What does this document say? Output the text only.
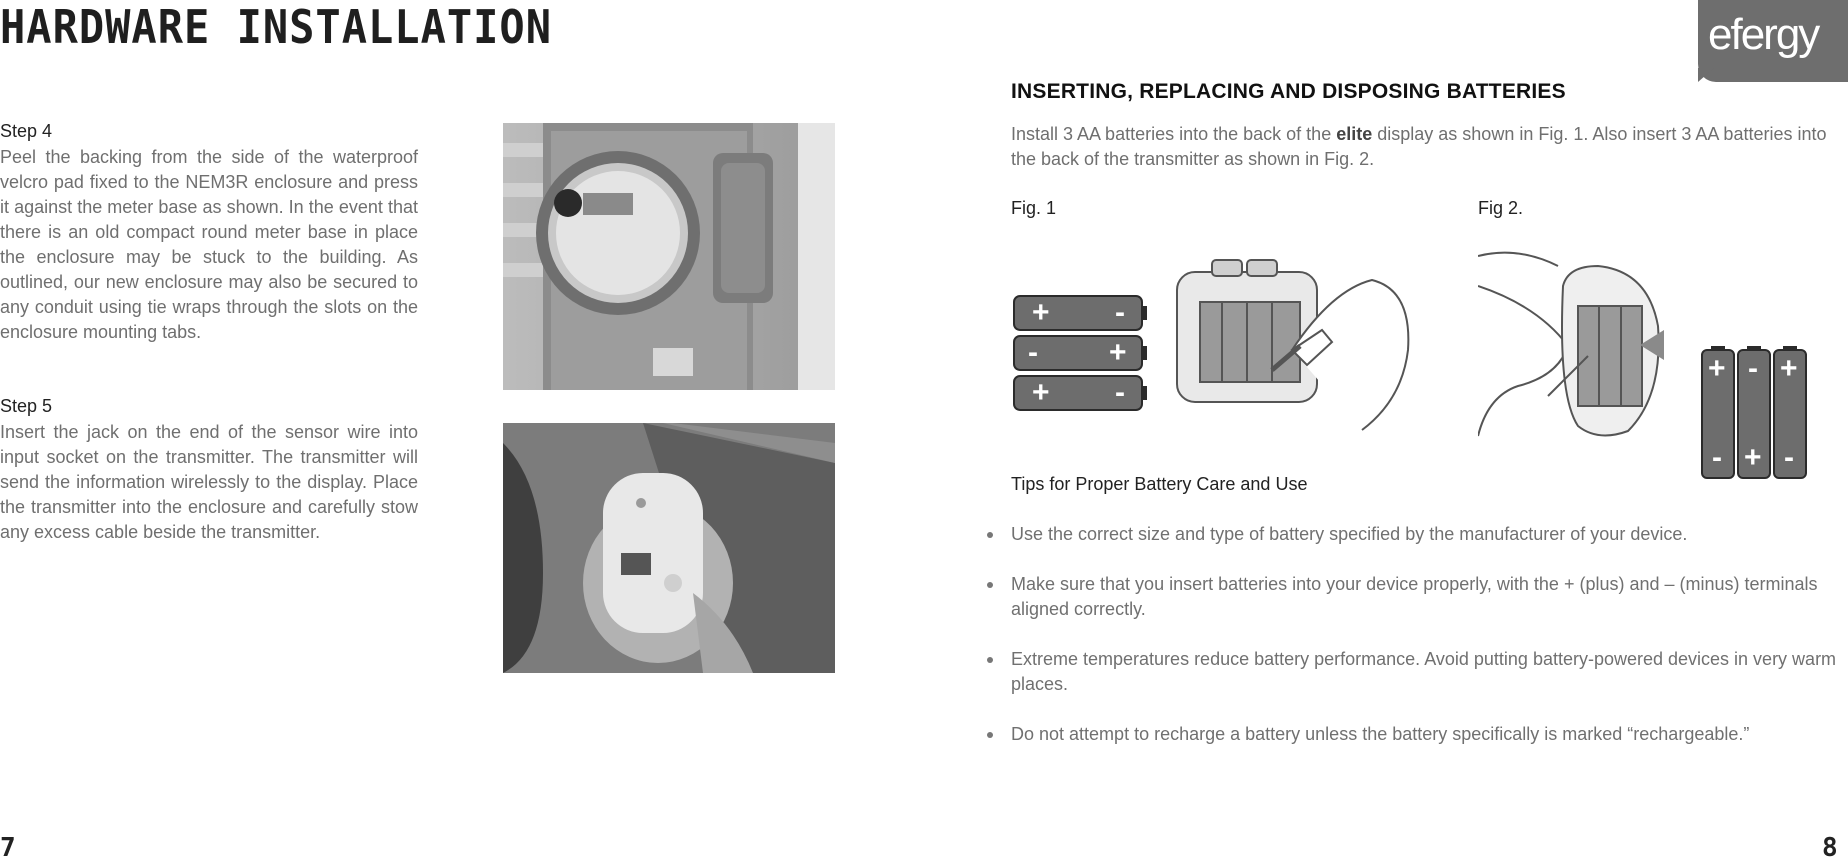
HARDWARE INSTALLATION
Step 4
Peel the backing from the side of the waterproof velcro pad fixed to the NEM3R enclosure and press it against the meter base as shown. In the event that there is an old compact round meter base in place the enclosure may be stuck to the building. As outlined, our new enclosure may also be secured to any conduit using tie wraps through the slots on the enclosure mounting tabs.
Step 5
Insert the jack on the end of the sensor wire into input socket on the transmitter. The transmitter will send the information wirelessly to the display. Place the transmitter into the enclosure and carefully stow any excess cable beside the transmitter.
7
efergy
INSERTING, REPLACING AND DISPOSING BATTERIES
Install 3 AA batteries into the back of the elite display as shown in Fig. 1. Also insert 3 AA batteries into the back of the transmitter as shown in Fig. 2.
Fig. 1	Fig 2.
+ -
- +
+ -
+ - +
- + -
Tips for Proper Battery Care and Use
Use the correct size and type of battery specified by the manufacturer of your device.
Make sure that you insert batteries into your device properly, with the + (plus) and – (minus) terminals aligned correctly.
Extreme temperatures reduce battery performance. Avoid putting battery-powered devices in very warm places.
Do not attempt to recharge a battery unless the battery specifically is marked “rechargeable.”
8
